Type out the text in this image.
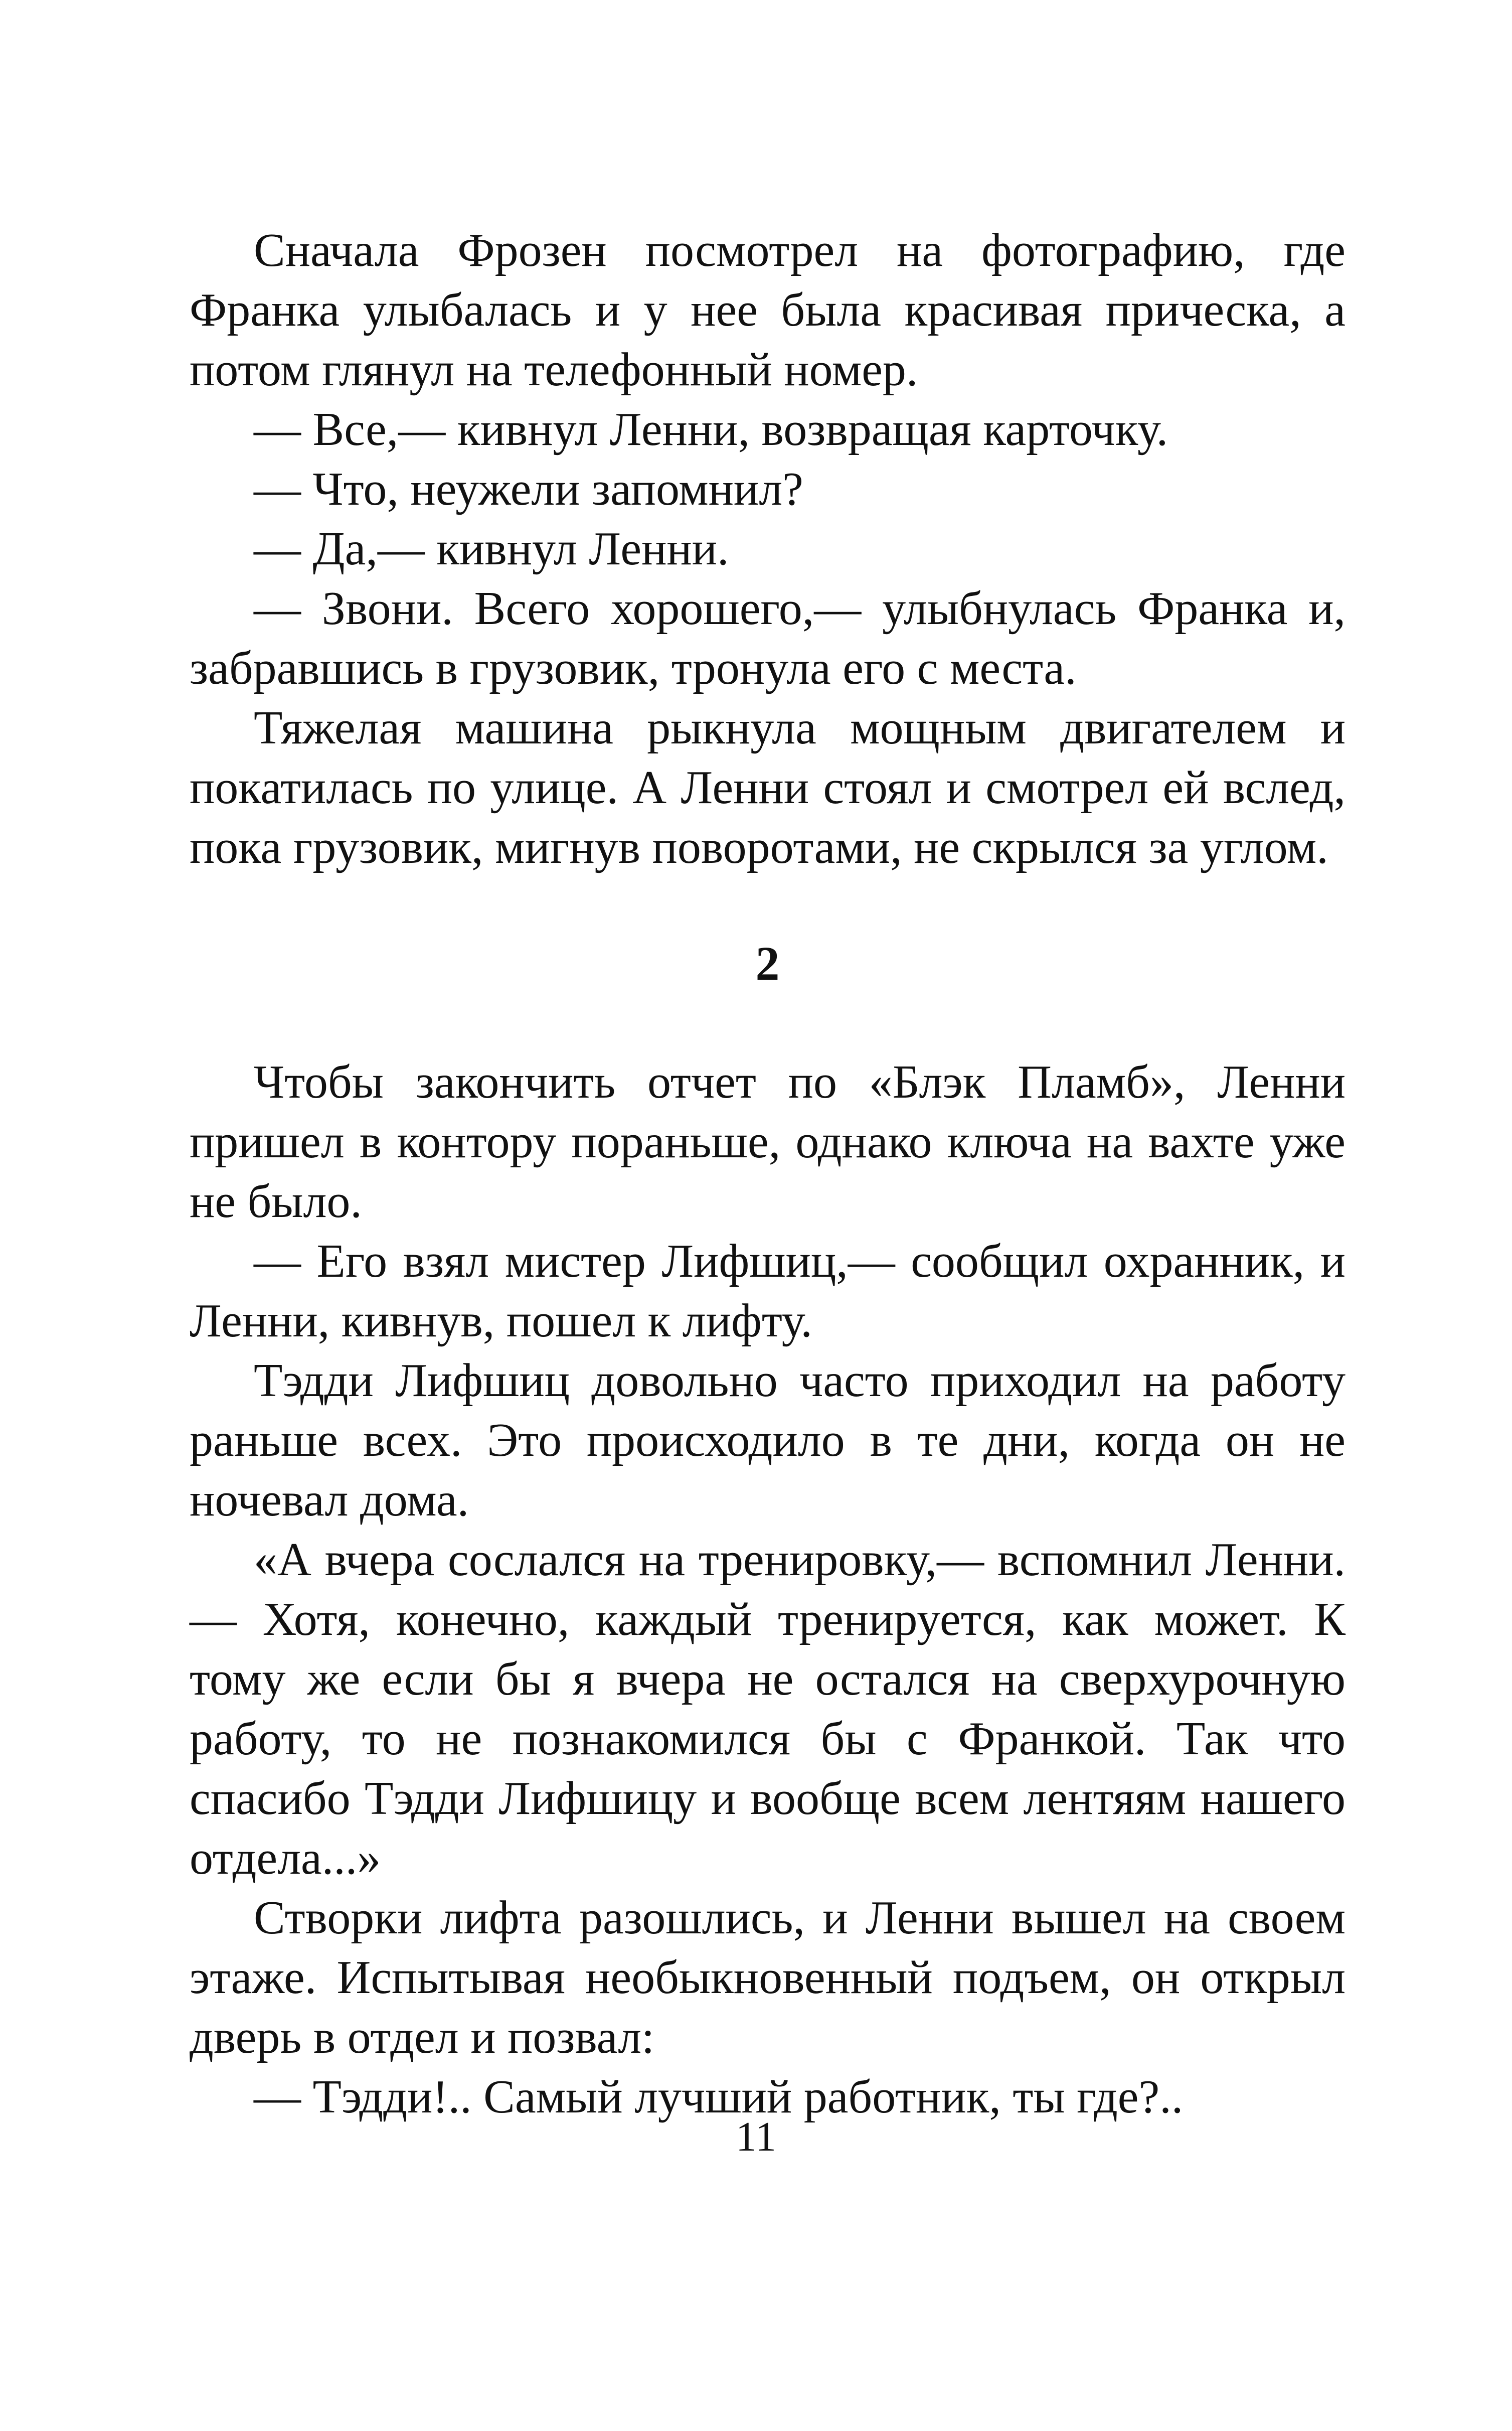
Сначала Фрозен посмотрел на фотографию, где Франка улыбалась и у нее была красивая прическа, а потом глянул на телефонный номер.

— Все,— кивнул Ленни, возвращая карточку.

— Что, неужели запомнил?

— Да,— кивнул Ленни.

— Звони. Всего хорошего,— улыбнулась Франка и, забравшись в грузовик, тронула его с места.

Тяжелая машина рыкнула мощным двигателем и покатилась по улице. А Ленни стоял и смотрел ей вслед, пока грузовик, мигнув поворотами, не скрылся за углом.

2

Чтобы закончить отчет по «Блэк Пламб», Ленни пришел в контору пораньше, однако ключа на вахте уже не было.

— Его взял мистер Лифшиц,— сообщил охранник, и Ленни, кивнув, пошел к лифту.

Тэдди Лифшиц довольно часто приходил на работу раньше всех. Это происходило в те дни, когда он не ночевал дома.

«А вчера сослался на тренировку,— вспомнил Ленни.— Хотя, конечно, каждый тренируется, как может. К тому же если бы я вчера не остался на сверхурочную работу, то не познакомился бы с Франкой. Так что спасибо Тэдди Лифшицу и вообще всем лентяям нашего отдела...»

Створки лифта разошлись, и Ленни вышел на своем этаже. Испытывая необыкновенный подъем, он открыл дверь в отдел и позвал:

— Тэдди!.. Самый лучший работник, ты где?..

11
